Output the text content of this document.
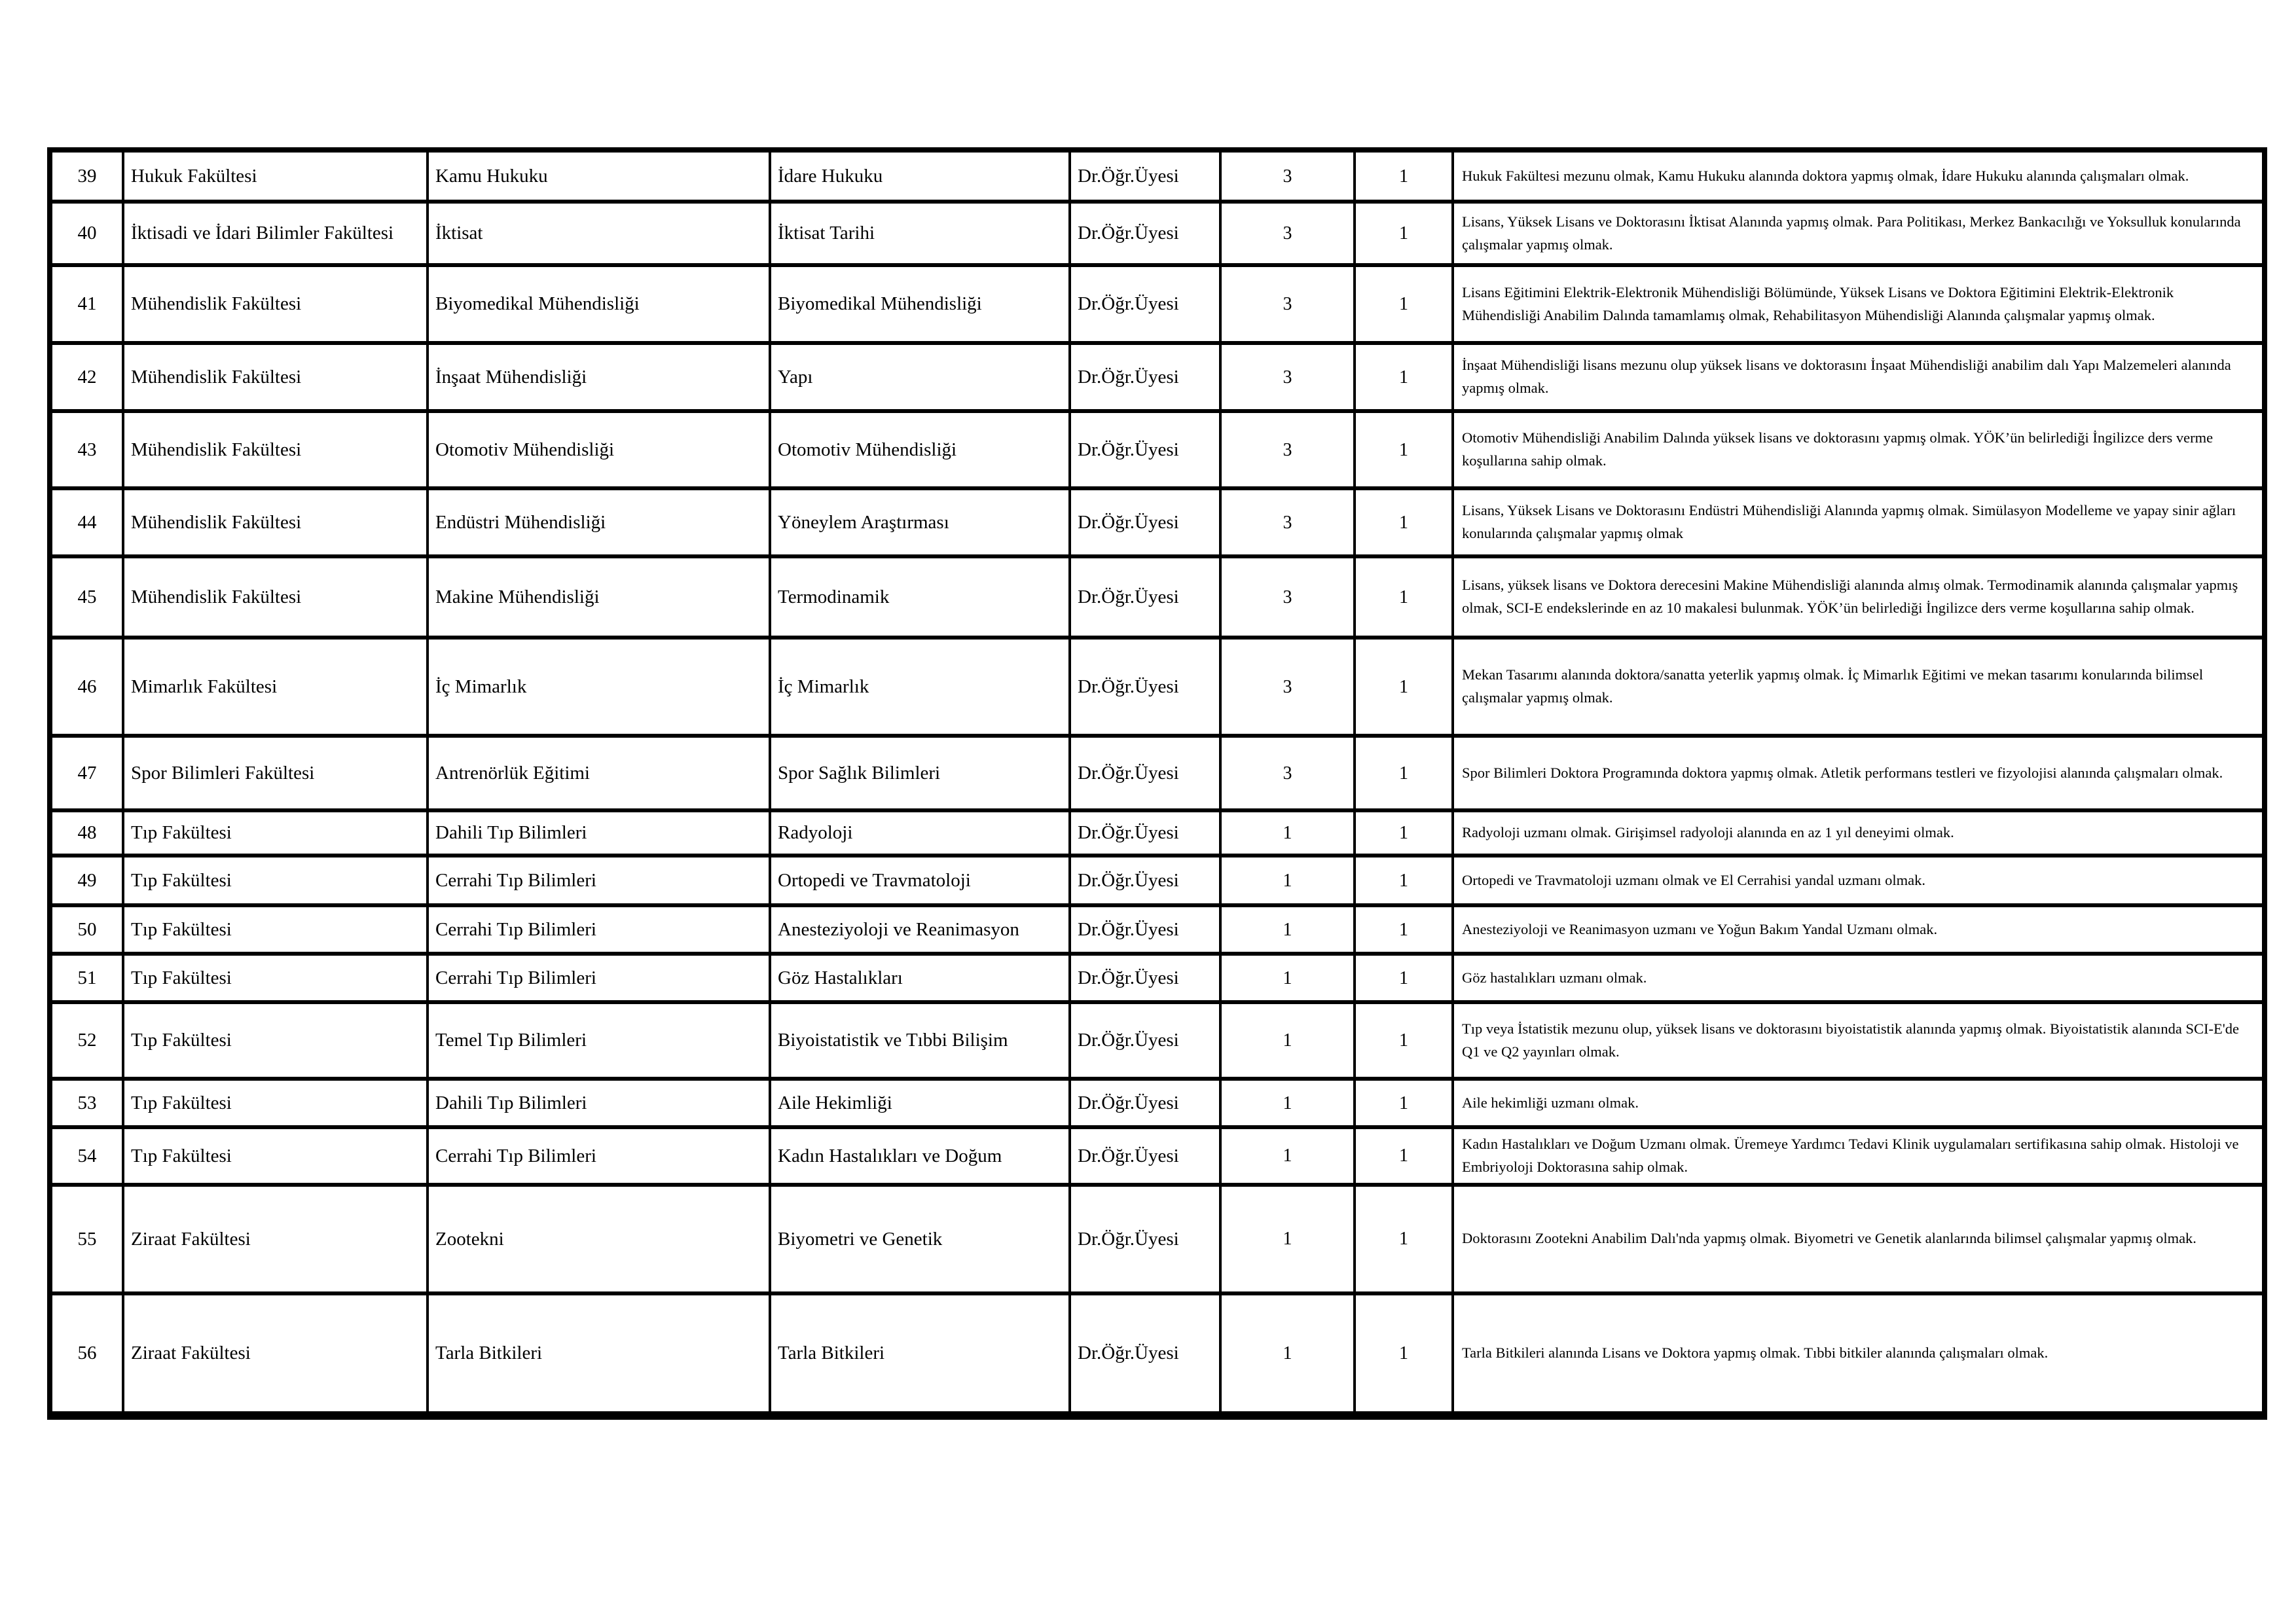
39	Hukuk Fakültesi	Kamu Hukuku	İdare Hukuku	Dr.Öğr.Üyesi	3	1	Hukuk Fakültesi mezunu olmak, Kamu Hukuku alanında doktora yapmış olmak, İdare Hukuku alanında çalışmaları olmak.
40	İktisadi ve İdari Bilimler Fakültesi	İktisat	İktisat Tarihi	Dr.Öğr.Üyesi	3	1	Lisans, Yüksek Lisans ve Doktorasını İktisat Alanında yapmış olmak. Para Politikası, Merkez Bankacılığı ve Yoksulluk konularında çalışmalar yapmış olmak.
41	Mühendislik Fakültesi	Biyomedikal Mühendisliği	Biyomedikal Mühendisliği	Dr.Öğr.Üyesi	3	1	Lisans Eğitimini Elektrik-Elektronik Mühendisliği Bölümünde, Yüksek Lisans ve Doktora Eğitimini Elektrik-Elektronik Mühendisliği Anabilim Dalında tamamlamış olmak, Rehabilitasyon Mühendisliği Alanında çalışmalar yapmış olmak.
42	Mühendislik Fakültesi	İnşaat Mühendisliği	Yapı	Dr.Öğr.Üyesi	3	1	İnşaat Mühendisliği lisans mezunu olup yüksek lisans ve doktorasını İnşaat Mühendisliği anabilim dalı Yapı Malzemeleri alanında yapmış olmak.
43	Mühendislik Fakültesi	Otomotiv Mühendisliği	Otomotiv Mühendisliği	Dr.Öğr.Üyesi	3	1	Otomotiv Mühendisliği Anabilim Dalında yüksek lisans ve doktorasını yapmış olmak. YÖK’ün belirlediği İngilizce ders verme koşullarına sahip olmak.
44	Mühendislik Fakültesi	Endüstri Mühendisliği	Yöneylem Araştırması	Dr.Öğr.Üyesi	3	1	Lisans, Yüksek Lisans ve Doktorasını Endüstri Mühendisliği Alanında yapmış olmak. Simülasyon Modelleme ve yapay sinir ağları konularında çalışmalar yapmış olmak
45	Mühendislik Fakültesi	Makine Mühendisliği	Termodinamik	Dr.Öğr.Üyesi	3	1	Lisans, yüksek lisans ve Doktora derecesini Makine Mühendisliği alanında almış olmak. Termodinamik alanında çalışmalar yapmış olmak, SCI-E endekslerinde en az 10 makalesi bulunmak. YÖK’ün belirlediği İngilizce ders verme koşullarına sahip olmak.
46	Mimarlık Fakültesi	İç Mimarlık	İç Mimarlık	Dr.Öğr.Üyesi	3	1	Mekan Tasarımı alanında doktora/sanatta yeterlik yapmış olmak. İç Mimarlık Eğitimi ve mekan tasarımı konularında bilimsel çalışmalar yapmış olmak.
47	Spor Bilimleri Fakültesi	Antrenörlük Eğitimi	Spor Sağlık Bilimleri	Dr.Öğr.Üyesi	3	1	Spor Bilimleri Doktora Programında doktora yapmış olmak. Atletik performans testleri ve fizyolojisi alanında çalışmaları olmak.
48	Tıp Fakültesi	Dahili Tıp Bilimleri	Radyoloji	Dr.Öğr.Üyesi	1	1	Radyoloji uzmanı olmak. Girişimsel radyoloji alanında en az 1 yıl deneyimi olmak.
49	Tıp Fakültesi	Cerrahi Tıp Bilimleri	Ortopedi ve Travmatoloji	Dr.Öğr.Üyesi	1	1	Ortopedi ve Travmatoloji uzmanı olmak ve El Cerrahisi yandal uzmanı olmak.
50	Tıp Fakültesi	Cerrahi Tıp Bilimleri	Anesteziyoloji ve Reanimasyon	Dr.Öğr.Üyesi	1	1	Anesteziyoloji ve Reanimasyon uzmanı ve Yoğun Bakım Yandal Uzmanı olmak.
51	Tıp Fakültesi	Cerrahi Tıp Bilimleri	Göz Hastalıkları	Dr.Öğr.Üyesi	1	1	Göz hastalıkları uzmanı olmak.
52	Tıp Fakültesi	Temel Tıp Bilimleri	Biyoistatistik ve Tıbbi Bilişim	Dr.Öğr.Üyesi	1	1	Tıp veya İstatistik mezunu olup, yüksek lisans ve doktorasını biyoistatistik alanında yapmış olmak. Biyoistatistik alanında SCI-E'de Q1 ve Q2 yayınları olmak.
53	Tıp Fakültesi	Dahili Tıp Bilimleri	Aile Hekimliği	Dr.Öğr.Üyesi	1	1	Aile hekimliği uzmanı olmak.
54	Tıp Fakültesi	Cerrahi Tıp Bilimleri	Kadın Hastalıkları ve Doğum	Dr.Öğr.Üyesi	1	1	Kadın Hastalıkları ve Doğum Uzmanı olmak. Üremeye Yardımcı Tedavi Klinik uygulamaları sertifikasına sahip olmak. Histoloji ve Embriyoloji Doktorasına sahip olmak.
55	Ziraat Fakültesi	Zootekni	Biyometri ve Genetik	Dr.Öğr.Üyesi	1	1	Doktorasını Zootekni Anabilim Dalı'nda yapmış olmak. Biyometri ve Genetik alanlarında bilimsel çalışmalar yapmış olmak.
56	Ziraat Fakültesi	Tarla Bitkileri	Tarla Bitkileri	Dr.Öğr.Üyesi	1	1	Tarla Bitkileri alanında Lisans ve Doktora yapmış olmak. Tıbbi bitkiler alanında çalışmaları olmak.
